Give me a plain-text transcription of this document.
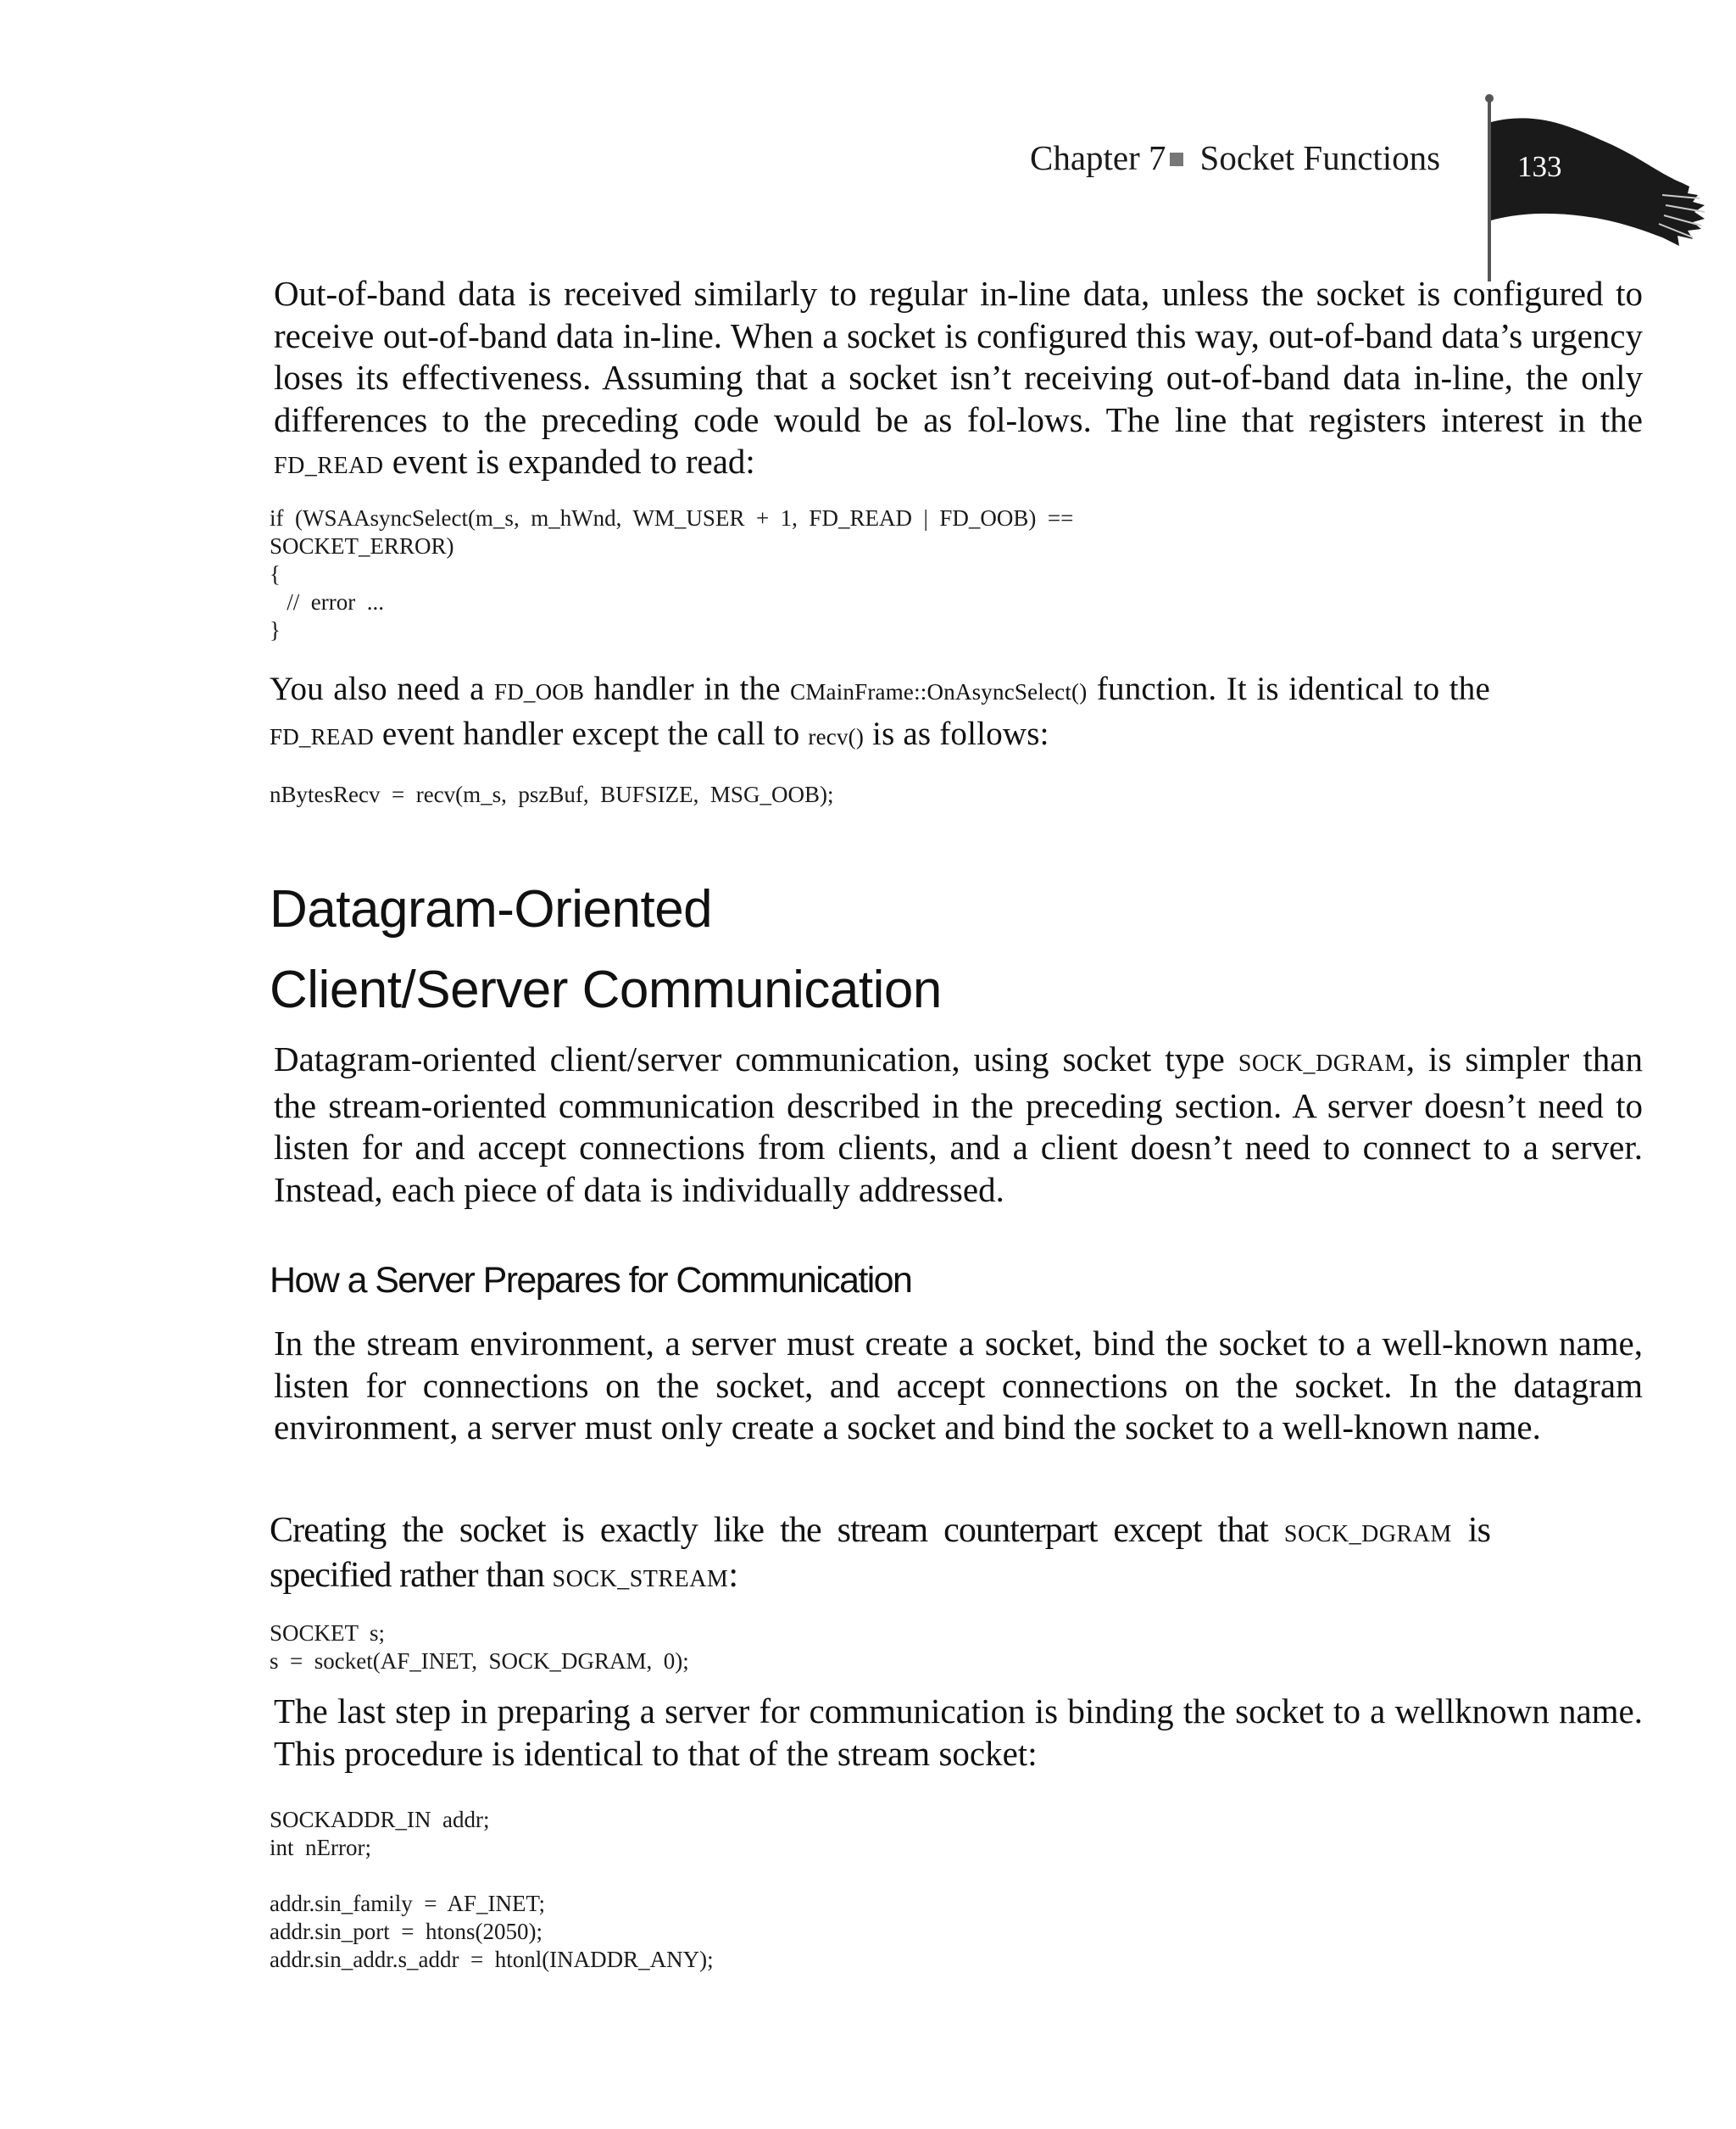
Chapter 7 Socket Functions	133

Out-of-band data is received similarly to regular in-line data, unless the socket is configured to receive out-of-band data in-line. When a socket is configured this way, out-of-band data’s urgency loses its effectiveness. Assuming that a socket isn’t receiving out-of-band data in-line, the only differences to the preceding code would be as fol-lows. The line that registers interest in the FD_READ event is expanded to read:

if  (WSAAsyncSelect(m_s,  m_hWnd,  WM_USER  +  1,  FD_READ  |  FD_OOB)  ==
SOCKET_ERROR)
{
//  error  ...
}

You also need a FD_OOB handler in the CMainFrame::OnAsyncSelect() function. It is identical to the FD_READ event handler except the call to recv() is as follows:

nBytesRecv  =  recv(m_s,  pszBuf,  BUFSIZE,  MSG_OOB);
Datagram-Oriented
Client/Server Communication

Datagram-oriented client/server communication, using socket type SOCK_DGRAM, is simpler than the stream-oriented communication described in the preceding section. A server doesn’t need to listen for and accept connections from clients, and a client doesn’t need to connect to a server. Instead, each piece of data is individually addressed.

How a Server Prepares for Communication

In the stream environment, a server must create a socket, bind the socket to a well-known name, listen for connections on the socket, and accept connections on the socket. In the datagram environment, a server must only create a socket and bind the socket to a well-known name.

Creating the socket is exactly like the stream counterpart except that SOCK_DGRAM is specified rather than SOCK_STREAM:

SOCKET  s;
s  =  socket(AF_INET,  SOCK_DGRAM,  0);

The last step in preparing a server for communication is binding the socket to a wellknown name. This procedure is identical to that of the stream socket:

SOCKADDR_IN  addr;
int  nError;

addr.sin_family  =  AF_INET;
addr.sin_port  =  htons(2050);
addr.sin_addr.s_addr  =  htonl(INADDR_ANY);
